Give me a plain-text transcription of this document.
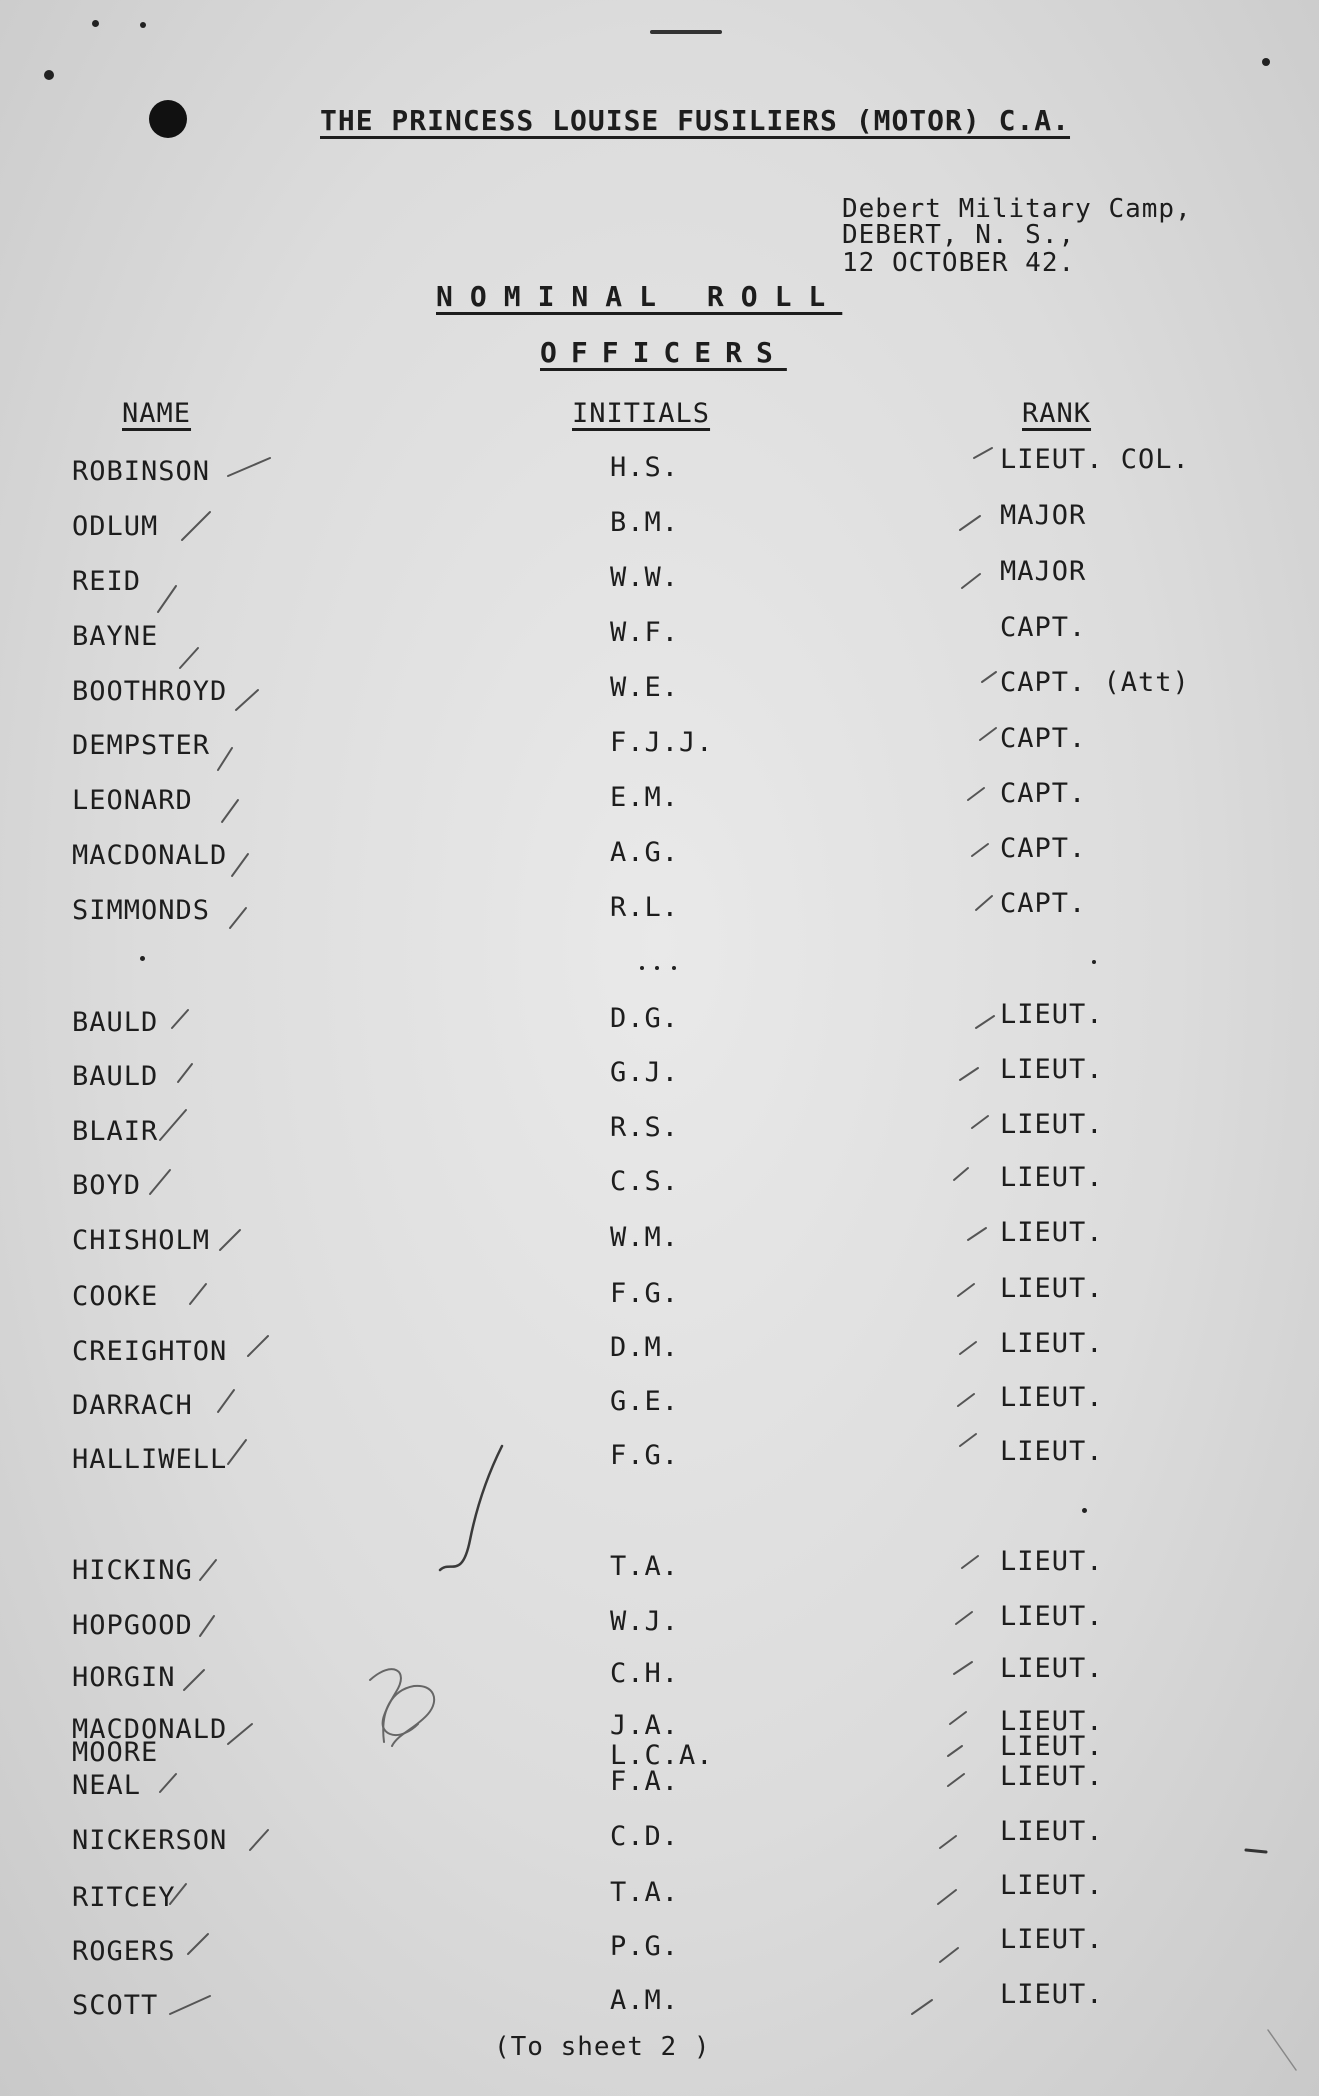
THE PRINCESS LOUISE FUSILIERS (MOTOR) C.A.
Debert Military Camp,
DEBERT, N. S.,
12 OCTOBER 42.
NOMINAL ROLL
OFFICERS
NAME	INITIALS	RANK
ROBINSON	H.S.	LIEUT. COL.
ODLUM	B.M.	MAJOR
REID	W.W.	MAJOR
BAYNE	W.F.	CAPT.
BOOTHROYD	W.E.	CAPT. (Att)
DEMPSTER	F.J.J.	CAPT.
LEONARD	E.M.	CAPT.
MACDONALD	A.G.	CAPT.
SIMMONDS	R.L.	CAPT.
BAULD	D.G.	LIEUT.
BAULD	G.J.	LIEUT.
BLAIR	R.S.	LIEUT.
BOYD	C.S.	LIEUT.
CHISHOLM	W.M.	LIEUT.
COOKE	F.G.	LIEUT.
CREIGHTON	D.M.	LIEUT.
DARRACH	G.E.	LIEUT.
HALLIWELL	F.G.	LIEUT.
HICKING	T.A.	LIEUT.
HOPGOOD	W.J.	LIEUT.
HORGIN	C.H.	LIEUT.
MACDONALD	J.A.	LIEUT.
MOORE	L.C.A.	LIEUT.
NEAL	F.A.	LIEUT.
NICKERSON	C.D.	LIEUT.
RITCEY	T.A.	LIEUT.
ROGERS	P.G.	LIEUT.
SCOTT	A.M.	LIEUT.
(To sheet 2 )
